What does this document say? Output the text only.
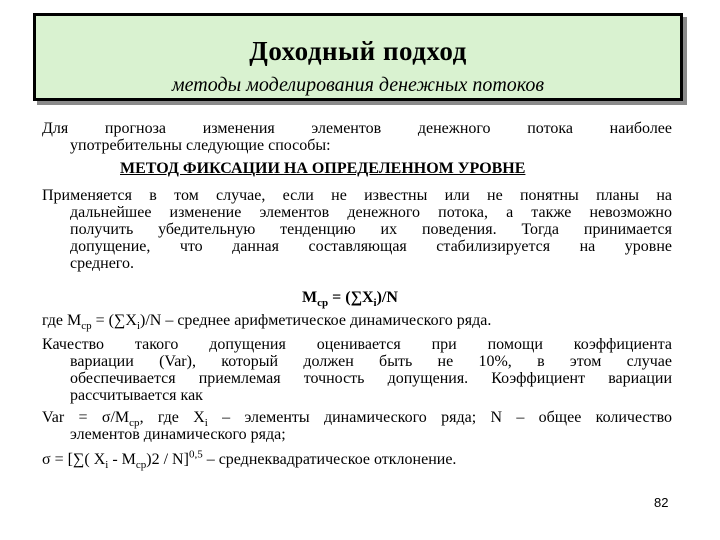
Доходный подход
методы моделирования денежных потоков
Для прогноза изменения элементов денежного потока наиболее
употребительны следующие способы:
МЕТОД ФИКСАЦИИ НА ОПРЕДЕЛЕННОМ УРОВНЕ
Применяется в том случае, если не известны или не понятны планы на
дальнейшее изменение элементов денежного потока, а также невозможно
получить убедительную тенденцию их поведения. Тогда принимается
допущение, что данная составляющая стабилизируется на уровне
среднего.
$M_{ср} = (\sum X_i)/N$
где $M_{ср} = (\sum X_i)/N$ – среднее арифметическое динамического ряда.
Качество такого допущения оценивается при помощи коэффициента
вариации (Var), который должен быть не 10%, в этом случае
обеспечивается приемлемая точность допущения. Коэффициент вариации
рассчитывается как
Var = $\sigma/M_{ср}$, где $X_i$ – элементы динамического ряда; N – общее количество
элементов динамического ряда;
σ = [∑( $X_i - M_{ср})2 / N]^{0,5}$ – среднеквадратическое отклонение.
82
